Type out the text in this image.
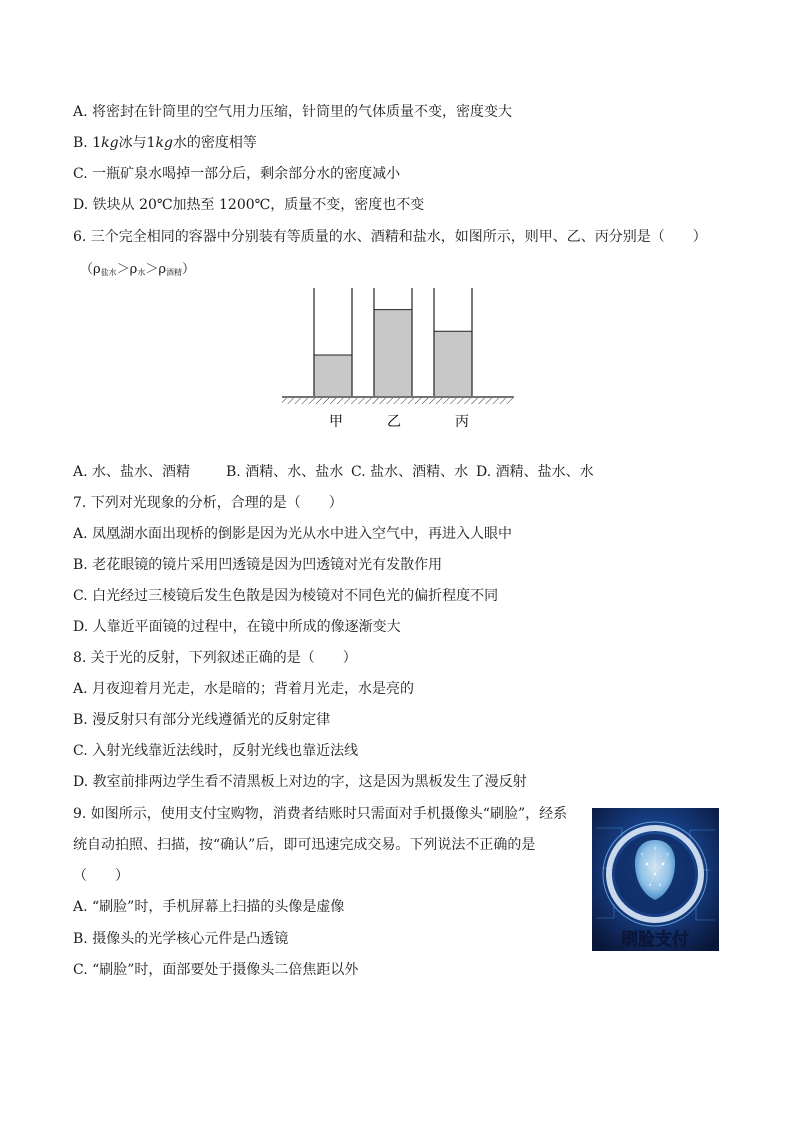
A. 将密封在针筒里的空气用力压缩，针筒里的气体质量不变，密度变大
B. 1kg冰与1kg水的密度相等
C. 一瓶矿泉水喝掉一部分后，剩余部分水的密度减小
D. 铁块从 20℃加热至 1200℃，质量不变，密度也不变
6. 三个完全相同的容器中分别装有等质量的水、酒精和盐水，如图所示，则甲、乙、丙分别是（　　）
$(\rho_{盐水}>\rho_水>\rho_{酒精})$
甲	乙	丙
A. 水、盐水、酒精	B. 酒精、水、盐水 C. 盐水、酒精、水 D. 酒精、盐水、水
7. 下列对光现象的分析，合理的是（　　）
A. 凤凰湖水面出现桥的倒影是因为光从水中进入空气中，再进入人眼中
B. 老花眼镜的镜片采用凹透镜是因为凹透镜对光有发散作用
C. 白光经过三棱镜后发生色散是因为棱镜对不同色光的偏折程度不同
D. 人靠近平面镜的过程中，在镜中所成的像逐渐变大
8. 关于光的反射，下列叙述正确的是（　　）
A. 月夜迎着月光走，水是暗的；背着月光走，水是亮的
B. 漫反射只有部分光线遵循光的反射定律
C. 入射光线靠近法线时，反射光线也靠近法线
D. 教室前排两边学生看不清黑板上对边的字，这是因为黑板发生了漫反射
9. 如图所示，使用支付宝购物，消费者结账时只需面对手机摄像头“刷脸”，经系
统自动拍照、扫描，按“确认”后，即可迅速完成交易。下列说法不正确的是
（　　）
A. “刷脸”时，手机屏幕上扫描的头像是虚像
B. 摄像头的光学核心元件是凸透镜
C. “刷脸”时，面部要处于摄像头二倍焦距以外
刷脸支付
